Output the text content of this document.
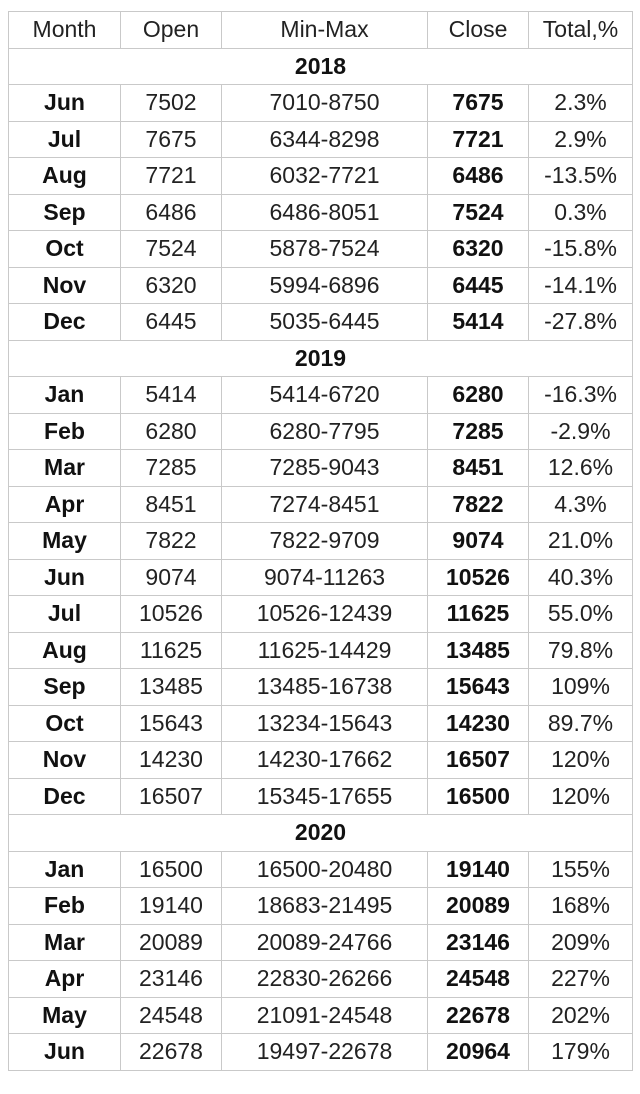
Month	Open	Min-Max	Close	Total,%
2018				
Jun	7502	7010-8750	7675	2.3%
Jul	7675	6344-8298	7721	2.9%
Aug	7721	6032-7721	6486	-13.5%
Sep	6486	6486-8051	7524	0.3%
Oct	7524	5878-7524	6320	-15.8%
Nov	6320	5994-6896	6445	-14.1%
Dec	6445	5035-6445	5414	-27.8%
2019				
Jan	5414	5414-6720	6280	-16.3%
Feb	6280	6280-7795	7285	-2.9%
Mar	7285	7285-9043	8451	12.6%
Apr	8451	7274-8451	7822	4.3%
May	7822	7822-9709	9074	21.0%
Jun	9074	9074-11263	10526	40.3%
Jul	10526	10526-12439	11625	55.0%
Aug	11625	11625-14429	13485	79.8%
Sep	13485	13485-16738	15643	109%
Oct	15643	13234-15643	14230	89.7%
Nov	14230	14230-17662	16507	120%
Dec	16507	15345-17655	16500	120%
2020				
Jan	16500	16500-20480	19140	155%
Feb	19140	18683-21495	20089	168%
Mar	20089	20089-24766	23146	209%
Apr	23146	22830-26266	24548	227%
May	24548	21091-24548	22678	202%
Jun	22678	19497-22678	20964	179%
